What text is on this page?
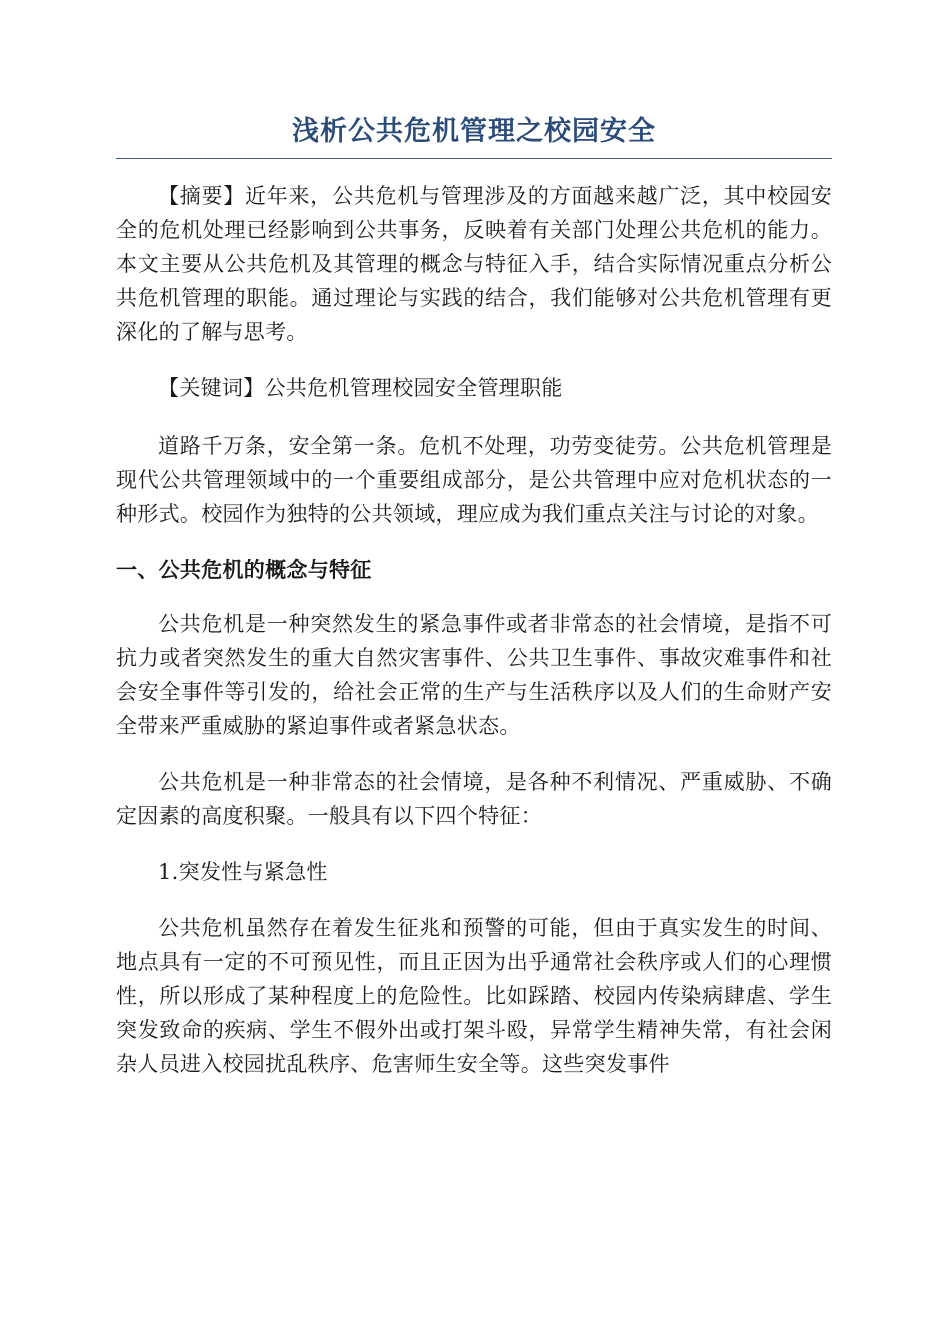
浅析公共危机管理之校园安全

【摘要】近年来，公共危机与管理涉及的方面越来越广泛，其中校园安全的危机处理已经影响到公共事务，反映着有关部门处理公共危机的能力。本文主要从公共危机及其管理的概念与特征入手，结合实际情况重点分析公共危机管理的职能。通过理论与实践的结合，我们能够对公共危机管理有更深化的了解与思考。

【关键词】公共危机管理校园安全管理职能

道路千万条，安全第一条。危机不处理，功劳变徒劳。公共危机管理是现代公共管理领域中的一个重要组成部分，是公共管理中应对危机状态的一种形式。校园作为独特的公共领域，理应成为我们重点关注与讨论的对象。

一、公共危机的概念与特征

公共危机是一种突然发生的紧急事件或者非常态的社会情境，是指不可抗力或者突然发生的重大自然灾害事件、公共卫生事件、事故灾难事件和社会安全事件等引发的，给社会正常的生产与生活秩序以及人们的生命财产安全带来严重威胁的紧迫事件或者紧急状态。

公共危机是一种非常态的社会情境，是各种不利情况、严重威胁、不确定因素的高度积聚。一般具有以下四个特征：

1.突发性与紧急性

公共危机虽然存在着发生征兆和预警的可能，但由于真实发生的时间、地点具有一定的不可预见性，而且正因为出乎通常社会秩序或人们的心理惯性，所以形成了某种程度上的危险性。比如踩踏、校园内传染病肆虐、学生突发致命的疾病、学生不假外出或打架斗殴，异常学生精神失常，有社会闲杂人员进入校园扰乱秩序、危害师生安全等。这些突发事件
